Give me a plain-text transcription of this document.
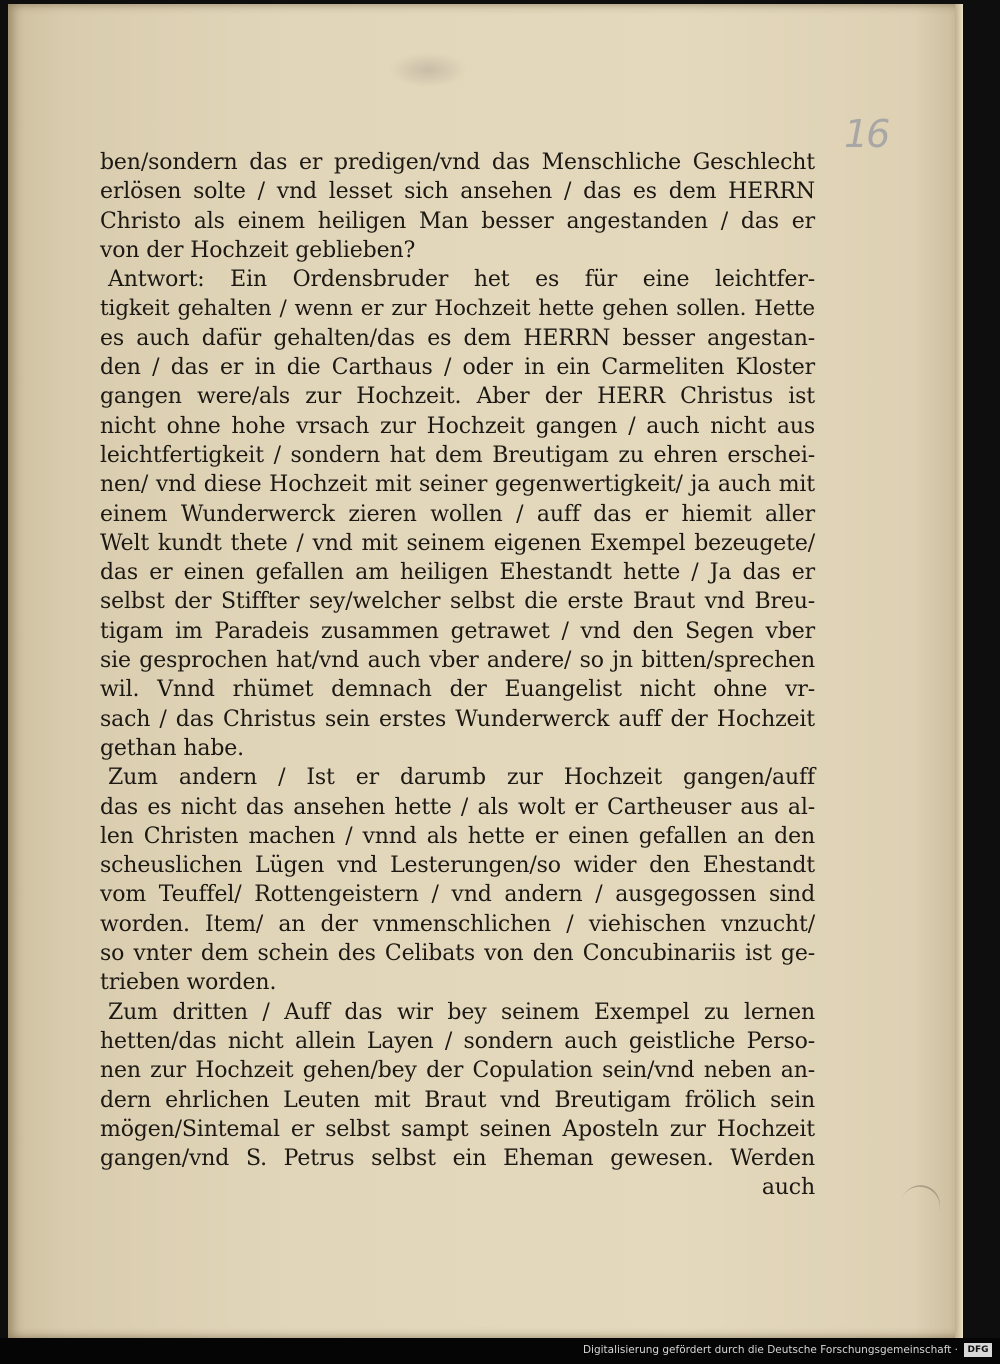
16
ben/sondern das er predigen/vnd das Menschliche Geschlecht
erlösen solte / vnd lesset sich ansehen / das es dem HERRN
Christo als einem heiligen Man besser angestanden / das er
von der Hochzeit geblieben?
Antwort: Ein Ordensbruder het es für eine leichtfer-
tigkeit gehalten / wenn er zur Hochzeit hette gehen sollen. Hette
es auch dafür gehalten/das es dem HERRN besser angestan-
den / das er in die Carthaus / oder in ein Carmeliten Kloster
gangen were/als zur Hochzeit. Aber der HERR Christus ist
nicht ohne hohe vrsach zur Hochzeit gangen / auch nicht aus
leichtfertigkeit / sondern hat dem Breutigam zu ehren erschei-
nen/ vnd diese Hochzeit mit seiner gegenwertigkeit/ ja auch mit
einem Wunderwerck zieren wollen / auff das er hiemit aller
Welt kundt thete / vnd mit seinem eigenen Exempel bezeugete/
das er einen gefallen am heiligen Ehestandt hette / Ja das er
selbst der Stiffter sey/welcher selbst die erste Braut vnd Breu-
tigam im Paradeis zusammen getrawet / vnd den Segen vber
sie gesprochen hat/vnd auch vber andere/ so jn bitten/sprechen
wil. Vnnd rhümet demnach der Euangelist nicht ohne vr-
sach / das Christus sein erstes Wunderwerck auff der Hochzeit
gethan habe.
Zum andern / Ist er darumb zur Hochzeit gangen/auff
das es nicht das ansehen hette / als wolt er Cartheuser aus al-
len Christen machen / vnnd als hette er einen gefallen an den
scheuslichen Lügen vnd Lesterungen/so wider den Ehestandt
vom Teuffel/ Rottengeistern / vnd andern / ausgegossen sind
worden. Item/ an der vnmenschlichen / viehischen vnzucht/
so vnter dem schein des Celibats von den Concubinariis ist ge-
trieben worden.
Zum dritten / Auff das wir bey seinem Exempel zu lernen
hetten/das nicht allein Layen / sondern auch geistliche Perso-
nen zur Hochzeit gehen/bey der Copulation sein/vnd neben an-
dern ehrlichen Leuten mit Braut vnd Breutigam frölich sein
mögen/Sintemal er selbst sampt seinen Aposteln zur Hochzeit
gangen/vnd S. Petrus selbst ein Eheman gewesen. Werden
auch
Digitalisierung gefördert durch die Deutsche Forschungsgemeinschaft ·	DFG
